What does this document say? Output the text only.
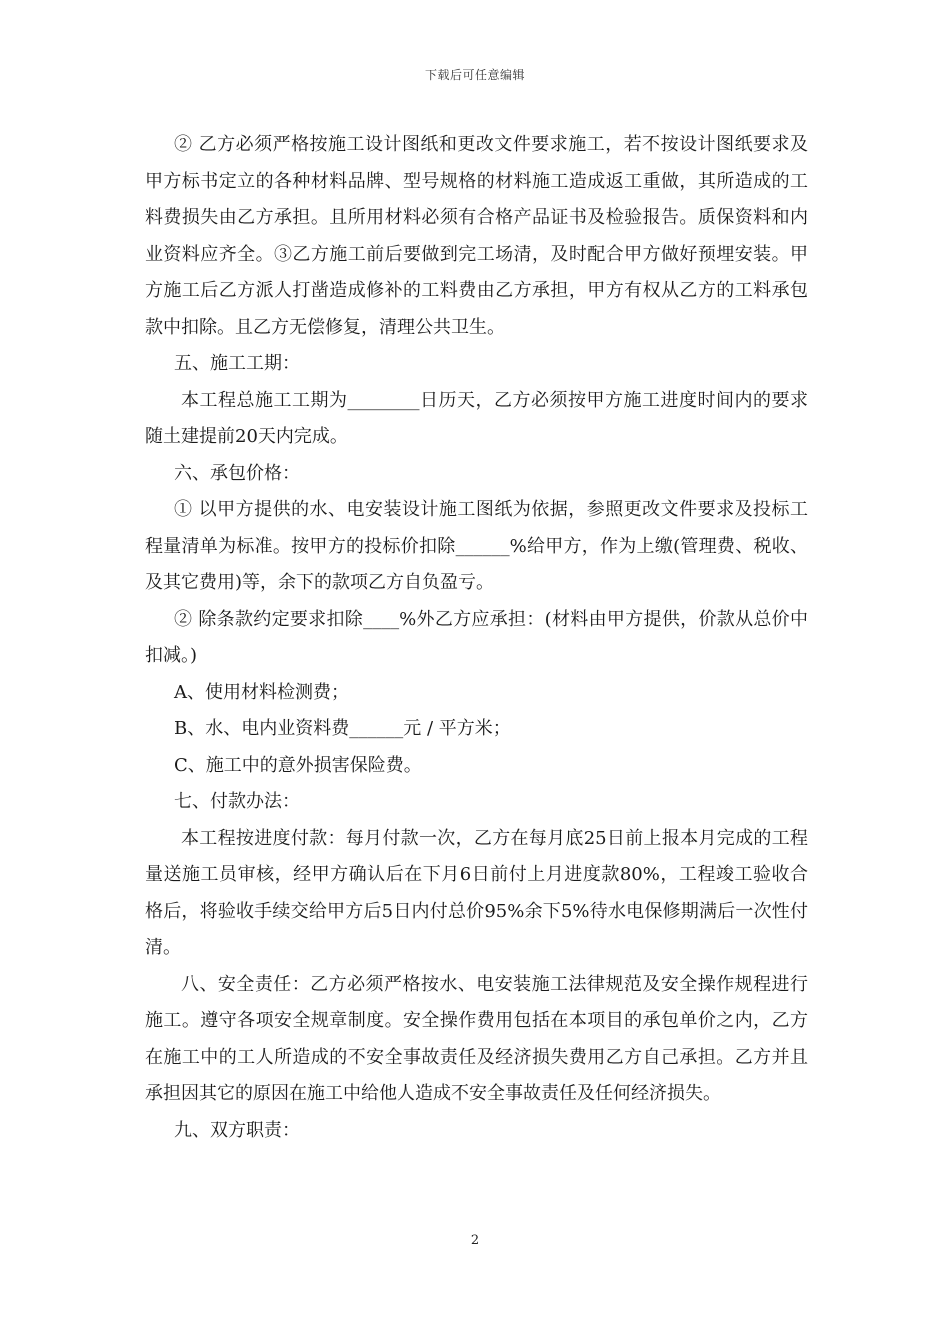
下载后可任意编辑

② 乙方必须严格按施工设计图纸和更改文件要求施工，若不按设计图纸要求及甲方标书定立的各种材料品牌、型号规格的材料施工造成返工重做，其所造成的工料费损失由乙方承担。且所用材料必须有合格产品证书及检验报告。质保资料和内业资料应齐全。③乙方施工前后要做到完工场清，及时配合甲方做好预埋安装。甲方施工后乙方派人打凿造成修补的工料费由乙方承担，甲方有权从乙方的工料承包款中扣除。且乙方无偿修复，清理公共卫生。

五、施工工期：

本工程总施工工期为________日历天，乙方必须按甲方施工进度时间内的要求随土建提前20天内完成。

六、承包价格：

① 以甲方提供的水、电安装设计施工图纸为依据，参照更改文件要求及投标工程量清单为标准。按甲方的投标价扣除______%给甲方，作为上缴(管理费、税收、及其它费用)等，余下的款项乙方自负盈亏。

② 除条款约定要求扣除____%外乙方应承担：(材料由甲方提供，价款从总价中扣减。)

A、使用材料检测费；

B、水、电内业资料费______元 / 平方米；

C、施工中的意外损害保险费。

七、付款办法：

本工程按进度付款：每月付款一次，乙方在每月底25日前上报本月完成的工程量送施工员审核，经甲方确认后在下月6日前付上月进度款80%，工程竣工验收合格后，将验收手续交给甲方后5日内付总价95%余下5%待水电保修期满后一次性付清。

八、安全责任：乙方必须严格按水、电安装施工法律规范及安全操作规程进行施工。遵守各项安全规章制度。安全操作费用包括在本项目的承包单价之内，乙方在施工中的工人所造成的不安全事故责任及经济损失费用乙方自己承担。乙方并且承担因其它的原因在施工中给他人造成不安全事故责任及任何经济损失。

九、双方职责：

2
